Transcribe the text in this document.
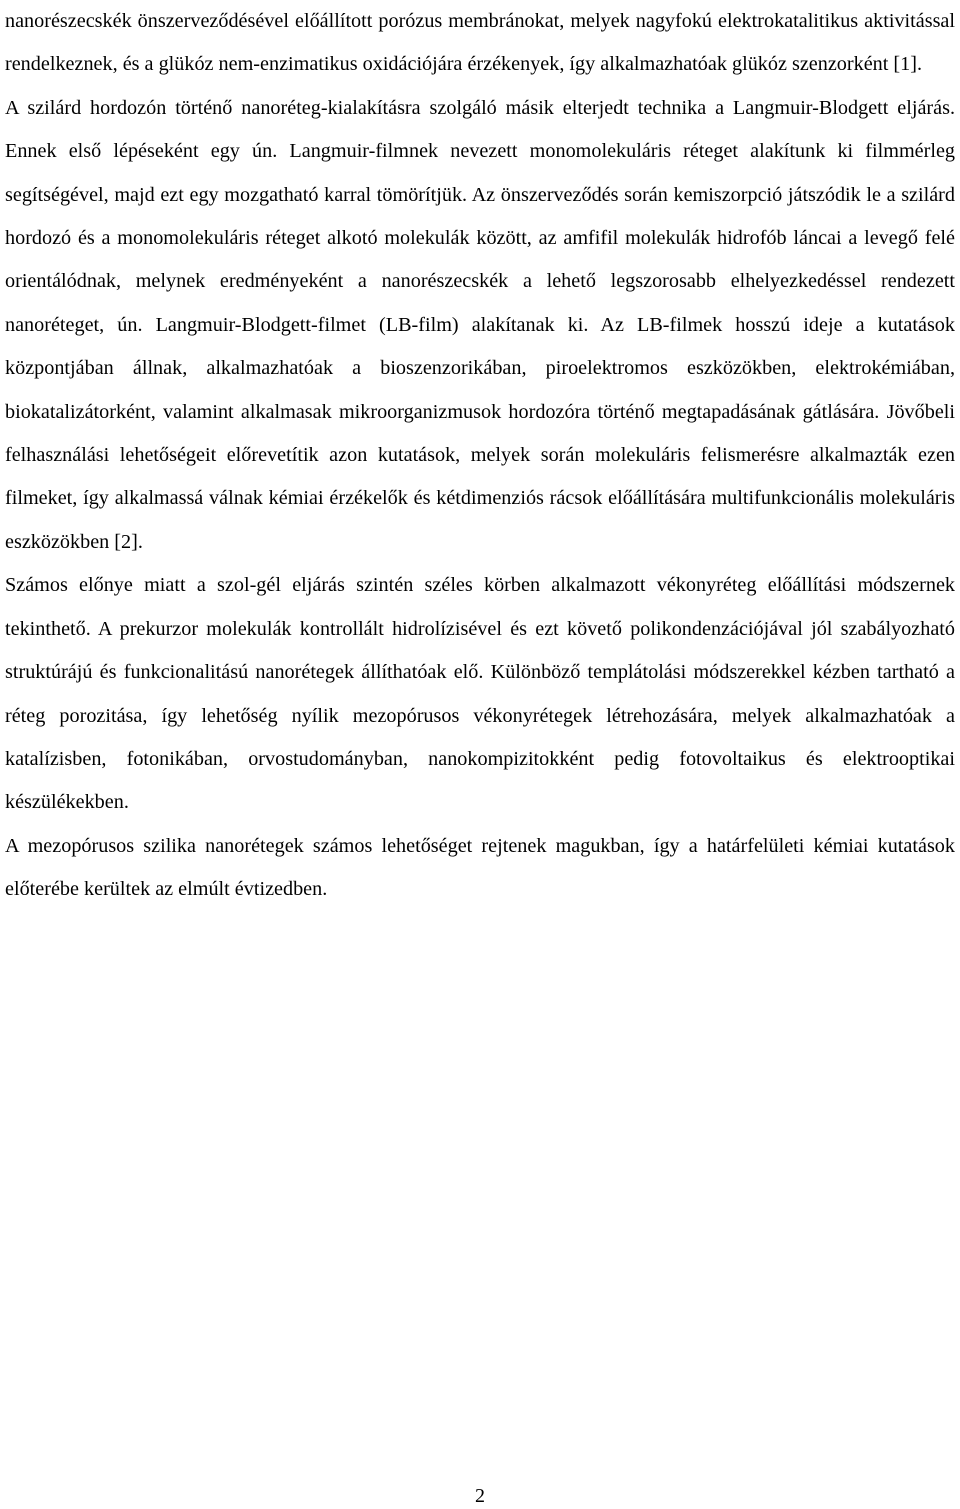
nanorészecskék önszerveződésével előállított porózus membránokat, melyek nagyfokú elektrokatalitikus aktivitással rendelkeznek, és a glükóz nem-enzimatikus oxidációjára érzékenyek, így alkalmazhatóak glükóz szenzorként [1].

A szilárd hordozón történő nanoréteg-kialakításra szolgáló másik elterjedt technika a Langmuir-Blodgett eljárás. Ennek első lépéseként egy ún. Langmuir-filmnek nevezett monomolekuláris réteget alakítunk ki filmmérleg segítségével, majd ezt egy mozgatható karral tömörítjük. Az önszerveződés során kemiszorpció játszódik le a szilárd hordozó és a monomolekuláris réteget alkotó molekulák között, az amfifil molekulák hidrofób láncai a levegő felé orientálódnak, melynek eredményeként a nanorészecskék a lehető legszorosabb elhelyezkedéssel rendezett nanoréteget, ún. Langmuir-Blodgett-filmet (LB-film) alakítanak ki. Az LB-filmek hosszú ideje a kutatások központjában állnak, alkalmazhatóak a bioszenzorikában, piroelektromos eszközökben, elektrokémiában, biokatalizátorként, valamint alkalmasak mikroorganizmusok hordozóra történő megtapadásának gátlására. Jövőbeli felhasználási lehetőségeit előrevetítik azon kutatások, melyek során molekuláris felismerésre alkalmazták ezen filmeket, így alkalmassá válnak kémiai érzékelők és kétdimenziós rácsok előállítására multifunkcionális molekuláris eszközökben [2].

Számos előnye miatt a szol-gél eljárás szintén széles körben alkalmazott vékonyréteg előállítási módszernek tekinthető. A prekurzor molekulák kontrollált hidrolízisével és ezt követő polikondenzációjával jól szabályozható struktúrájú és funkcionalitású nanorétegek állíthatóak elő. Különböző templátolási módszerekkel kézben tartható a réteg porozitása, így lehetőség nyílik mezopórusos vékonyrétegek létrehozására, melyek alkalmazhatóak a katalízisben, fotonikában, orvostudományban, nanokompizitokként pedig fotovoltaikus és elektrooptikai készülékekben.

A mezopórusos szilika nanorétegek számos lehetőséget rejtenek magukban, így a határfelületi kémiai kutatások előterébe kerültek az elmúlt évtizedben.

2
